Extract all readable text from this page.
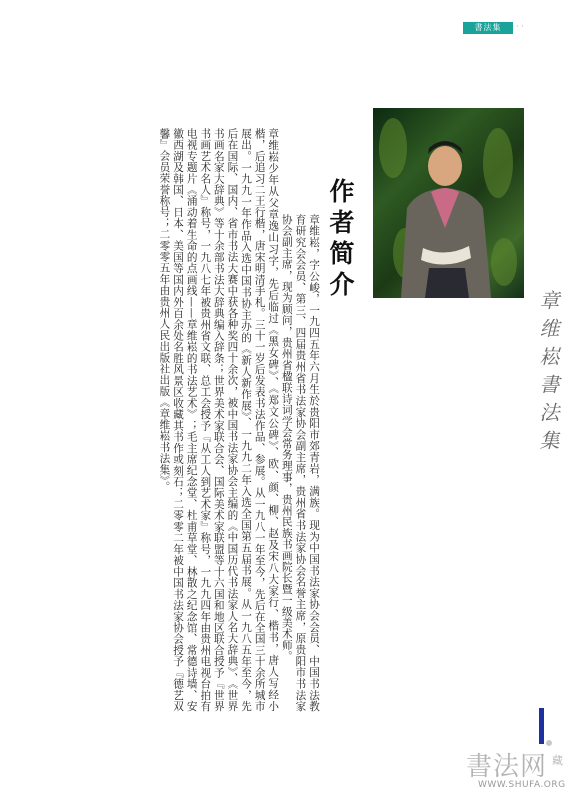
書法集	· ·
作者简介

章维崧，字公峻，一九四五年六月生於贵阳市郊青岩，满族。现为中国书法家协会会员、中国书法教育研究会会员、第三、四届贵州省书法家协会副主席，贵州省书法家协会名誉主席，原贵阳市书法家协会副主席，现为顾问，贵州省楹联诗词学会常务理事，贵州民族书画院长暨一级美术师。

章维崧少年从父章逸山习字，先后临过《黑女碑》、《郑文公碑》、欧、颜、柳、赵及宋八大家行、楷书，唐人写经小楷，后追习二王行楷，唐宋明清手札。三十一岁后发表书法作品、参展。从一九八一年至今，先后在全国三十余所城市展出。一九九一年作品入选中国书协主办的《新人新作展》、一九九二年入选全国第五届书展。从一九八五年至今，先后在国际、国内、省市书法大赛中获各种奖四十余次，被中国书法家协会主编的《中国历代书法家人名大辞典》、《世界书画名家大辞典》等十余部书法大辞典编入辞条；世界美术家联合会、国际美术家联盟等十六国和地区联合授予『世界书画艺术名人』称号，一九八七年被贵州省文联、总工会授予『从工人到艺术家』称号，一九九四年由贵州电视台拍有电视专题片《涌动着生命的点画线——章维崧的书法艺术》；毛主席纪念堂、杜甫草堂、林散之纪念馆、常德诗墙、安徽西湖及韩国、日本、美国等国内外百余处名胜风景区收藏其书作或刻石；二零零二年被中国书法家协会授予『德艺双馨』会员荣誉称号；二零零五年由贵州人民出版社出版《章维崧书法集》。	章维崧書法集
書法网 藏
WWW.SHUFA.ORG
